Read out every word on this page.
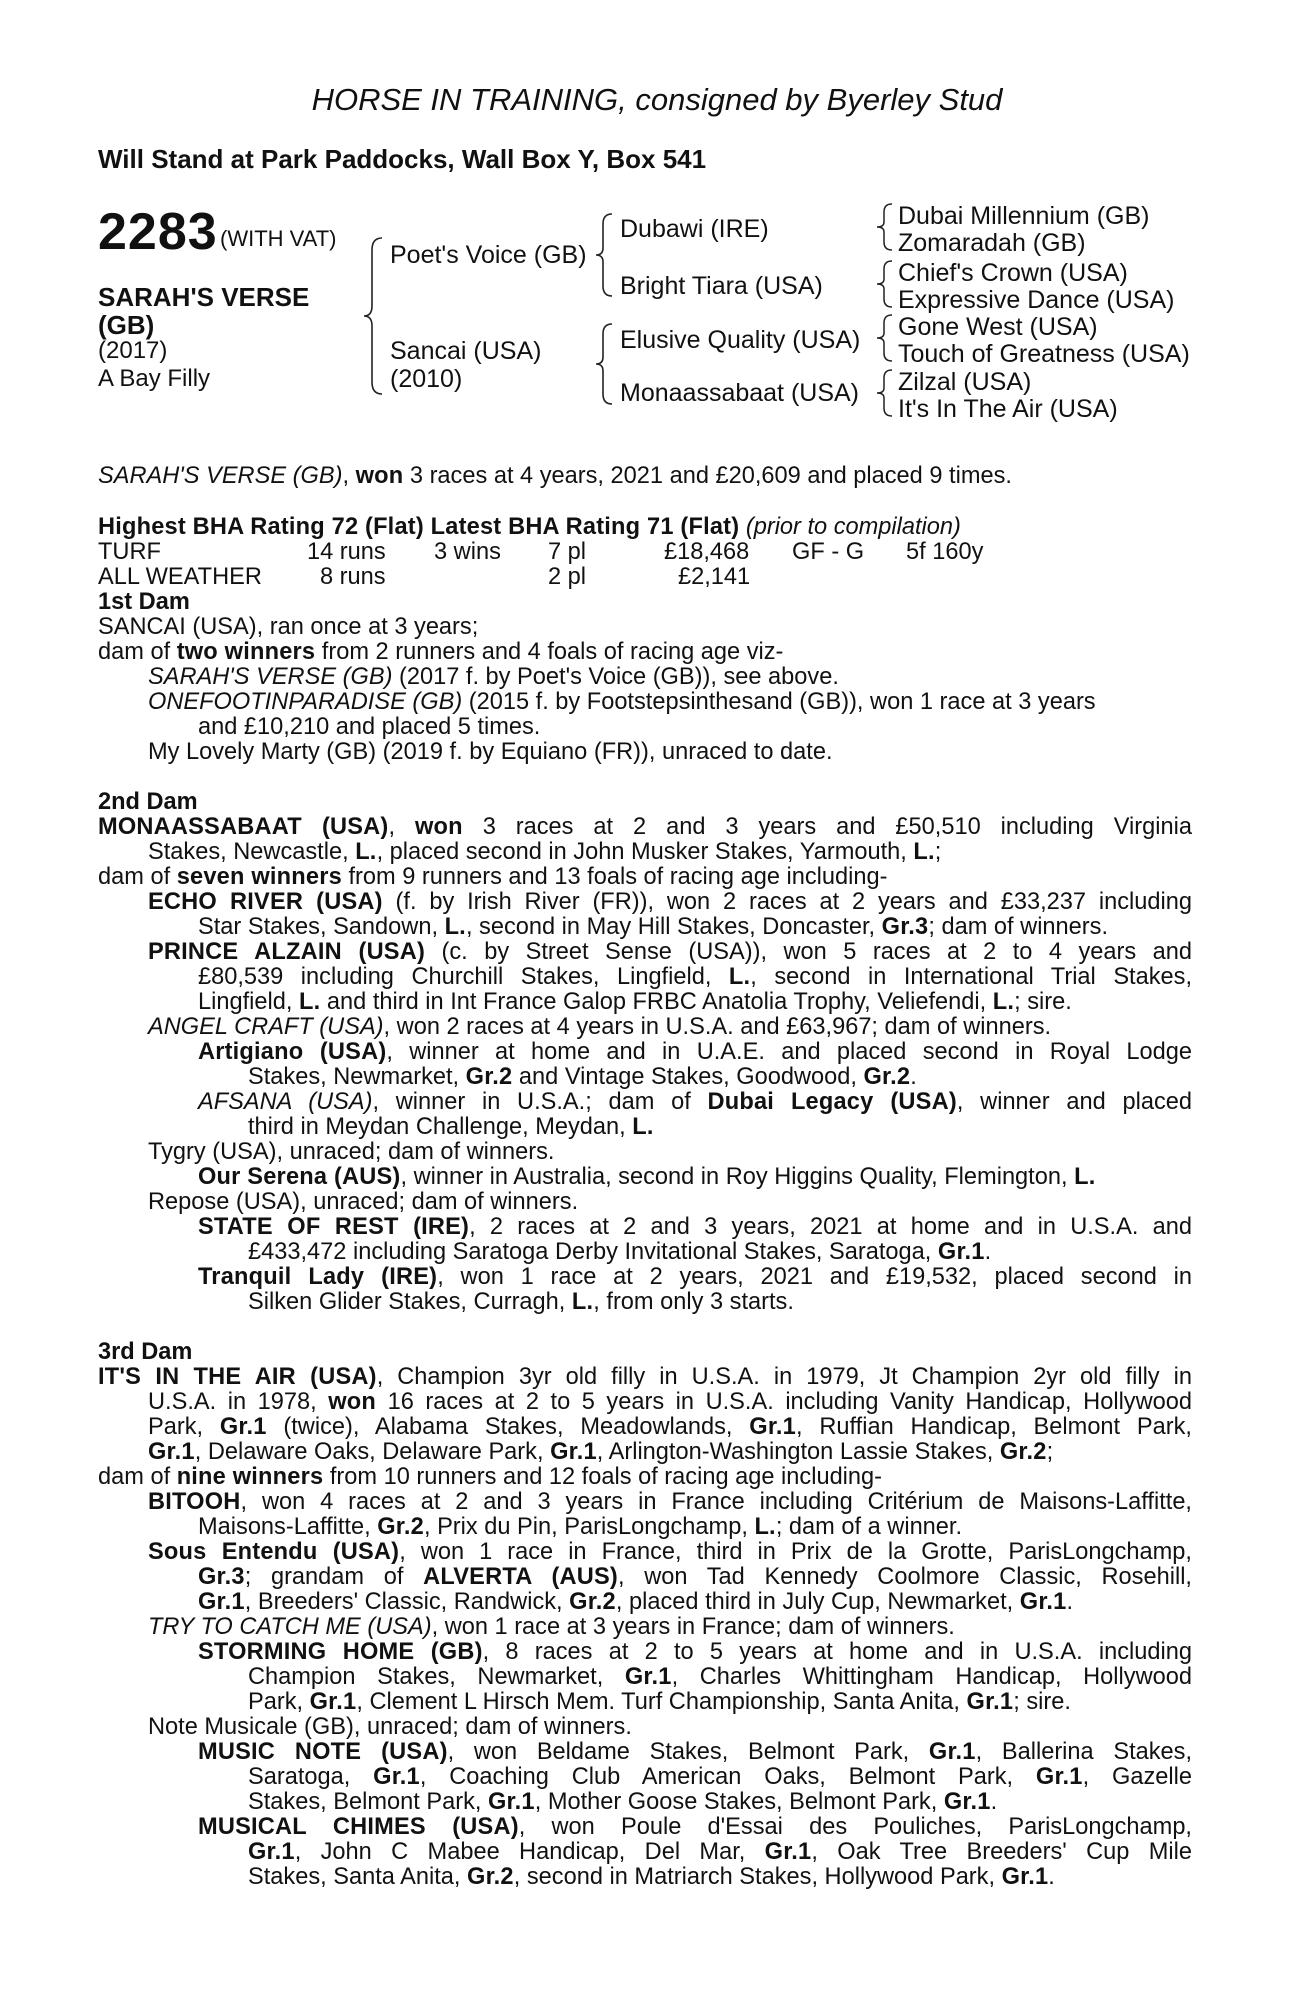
HORSE IN TRAINING, consigned by Byerley Stud
Will Stand at Park Paddocks, Wall Box Y, Box 541
2283 (WITH VAT)
SARAH'S VERSE
(GB)
(2017)
A Bay Filly
Poet's Voice (GB)
Sancai (USA)
(2010)
Dubawi (IRE)
Bright Tiara (USA)
Elusive Quality (USA)
Monaassabaat (USA)
Dubai Millennium (GB)
Zomaradah (GB)
Chief's Crown (USA)
Expressive Dance (USA)
Gone West (USA)
Touch of Greatness (USA)
Zilzal (USA)
It's In The Air (USA)
SARAH'S VERSE (GB), won 3 races at 4 years, 2021 and £20,609 and placed 9 times.
Highest BHA Rating 72 (Flat) Latest BHA Rating 71 (Flat) (prior to compilation)
TURF	14 runs 3 wins 7 pl	£18,468 GF - G 5f 160y
ALL WEATHER 8 runs	2 pl	£2,141
1st Dam
SANCAI (USA), ran once at 3 years;
dam of two winners from 2 runners and 4 foals of racing age viz-
SARAH'S VERSE (GB) (2017 f. by Poet's Voice (GB)), see above.
ONEFOOTINPARADISE (GB) (2015 f. by Footstepsinthesand (GB)), won 1 race at 3 years
and £10,210 and placed 5 times.
My Lovely Marty (GB) (2019 f. by Equiano (FR)), unraced to date.
2nd Dam
MONAASSABAAT (USA), won 3 races at 2 and 3 years and £50,510 including Virginia
Stakes, Newcastle, L., placed second in John Musker Stakes, Yarmouth, L.;
dam of seven winners from 9 runners and 13 foals of racing age including-
ECHO RIVER (USA) (f. by Irish River (FR)), won 2 races at 2 years and £33,237 including
Star Stakes, Sandown, L., second in May Hill Stakes, Doncaster, Gr.3; dam of winners.
PRINCE ALZAIN (USA) (c. by Street Sense (USA)), won 5 races at 2 to 4 years and
£80,539 including Churchill Stakes, Lingfield, L., second in International Trial Stakes,
Lingfield, L. and third in Int France Galop FRBC Anatolia Trophy, Veliefendi, L.; sire.
ANGEL CRAFT (USA), won 2 races at 4 years in U.S.A. and £63,967; dam of winners.
Artigiano (USA), winner at home and in U.A.E. and placed second in Royal Lodge
Stakes, Newmarket, Gr.2 and Vintage Stakes, Goodwood, Gr.2.
AFSANA (USA), winner in U.S.A.; dam of Dubai Legacy (USA), winner and placed
third in Meydan Challenge, Meydan, L.
Tygry (USA), unraced; dam of winners.
Our Serena (AUS), winner in Australia, second in Roy Higgins Quality, Flemington, L.
Repose (USA), unraced; dam of winners.
STATE OF REST (IRE), 2 races at 2 and 3 years, 2021 at home and in U.S.A. and
£433,472 including Saratoga Derby Invitational Stakes, Saratoga, Gr.1.
Tranquil Lady (IRE), won 1 race at 2 years, 2021 and £19,532, placed second in
Silken Glider Stakes, Curragh, L., from only 3 starts.
3rd Dam
IT'S IN THE AIR (USA), Champion 3yr old filly in U.S.A. in 1979, Jt Champion 2yr old filly in
U.S.A. in 1978, won 16 races at 2 to 5 years in U.S.A. including Vanity Handicap, Hollywood
Park, Gr.1 (twice), Alabama Stakes, Meadowlands, Gr.1, Ruffian Handicap, Belmont Park,
Gr.1, Delaware Oaks, Delaware Park, Gr.1, Arlington-Washington Lassie Stakes, Gr.2;
dam of nine winners from 10 runners and 12 foals of racing age including-
BITOOH, won 4 races at 2 and 3 years in France including Critérium de Maisons-Laffitte,
Maisons-Laffitte, Gr.2, Prix du Pin, ParisLongchamp, L.; dam of a winner.
Sous Entendu (USA), won 1 race in France, third in Prix de la Grotte, ParisLongchamp,
Gr.3; grandam of ALVERTA (AUS), won Tad Kennedy Coolmore Classic, Rosehill,
Gr.1, Breeders' Classic, Randwick, Gr.2, placed third in July Cup, Newmarket, Gr.1.
TRY TO CATCH ME (USA), won 1 race at 3 years in France; dam of winners.
STORMING HOME (GB), 8 races at 2 to 5 years at home and in U.S.A. including
Champion Stakes, Newmarket, Gr.1, Charles Whittingham Handicap, Hollywood
Park, Gr.1, Clement L Hirsch Mem. Turf Championship, Santa Anita, Gr.1; sire.
Note Musicale (GB), unraced; dam of winners.
MUSIC NOTE (USA), won Beldame Stakes, Belmont Park, Gr.1, Ballerina Stakes,
Saratoga, Gr.1, Coaching Club American Oaks, Belmont Park, Gr.1, Gazelle
Stakes, Belmont Park, Gr.1, Mother Goose Stakes, Belmont Park, Gr.1.
MUSICAL CHIMES (USA), won Poule d'Essai des Pouliches, ParisLongchamp,
Gr.1, John C Mabee Handicap, Del Mar, Gr.1, Oak Tree Breeders' Cup Mile
Stakes, Santa Anita, Gr.2, second in Matriarch Stakes, Hollywood Park, Gr.1.
